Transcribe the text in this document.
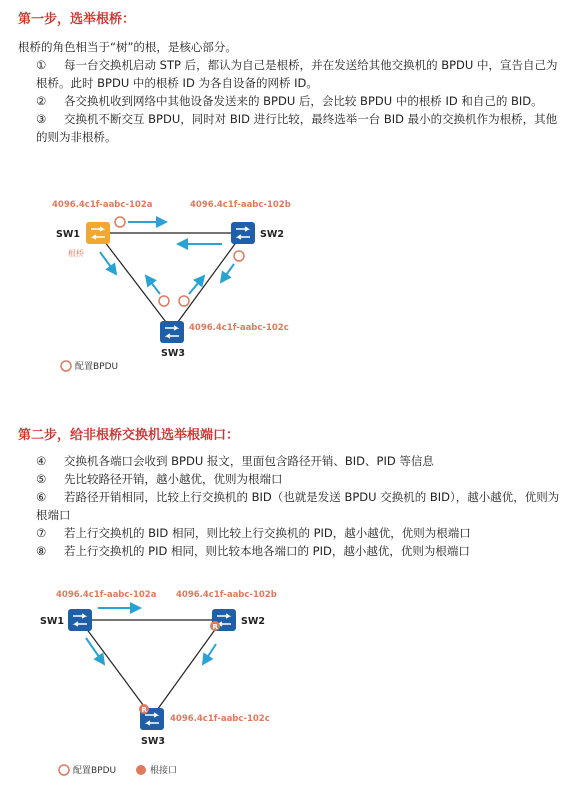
第一步，选举根桥：

根桥的角色相当于“树”的根，是核心部分。

① 每一台交换机启动 STP 后，都认为自己是根桥，并在发送给其他交换机的 BPDU 中，宣告自己为根桥。此时 BPDU 中的根桥 ID 为各自设备的网桥 ID。

② 各交换机收到网络中其他设备发送来的 BPDU 后，会比较 BPDU 中的根桥 ID 和自己的 BID。

③ 交换机不断交互 BPDU，同时对 BID 进行比较，最终选举一台 BID 最小的交换机作为根桥，其他的则为非根桥。

4096.4c1f-aabc-102a	4096.4c1f-aabc-102b
4096.4c1f-aabc-102c
SW1
根桥
SW2
SW3
配置BPDU
第二步，给非根桥交换机选举根端口：

④ 交换机各端口会收到 BPDU 报文，里面包含路径开销、BID、PID 等信息

⑤ 先比较路径开销，越小越优，优则为根端口

⑥ 若路径开销相同，比较上行交换机的 BID（也就是发送 BPDU 交换机的 BID），越小越优，优则为根端口

⑦ 若上行交换机的 BID 相同，则比较上行交换机的 PID，越小越优，优则为根端口

⑧ 若上行交换机的 PID 相同，则比较本地各端口的 PID，越小越优，优则为根端口

4096.4c1f-aabc-102a 4096.4c1f-aabc-102b
4096.4c1f-aabc-102c
SW1	SW2
SW3
R
R
配置BPDU	根接口
